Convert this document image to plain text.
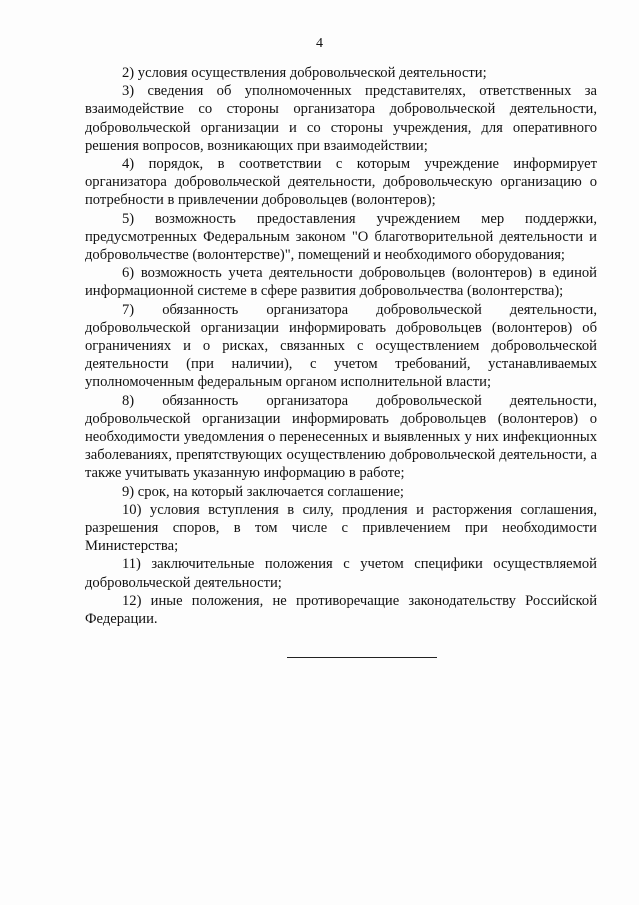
4

2) условия осуществления добровольческой деятельности;

3) сведения об уполномоченных представителях, ответственных за взаимодействие со стороны организатора добровольческой деятельности, добровольческой организации и со стороны учреждения, для оперативного решения вопросов, возникающих при взаимодействии;

4) порядок, в соответствии с которым учреждение информирует организатора добровольческой деятельности, добровольческую организацию о потребности в привлечении добровольцев (волонтеров);

5) возможность предоставления учреждением мер поддержки, предусмотренных Федеральным законом "О благотворительной деятельности и добровольчестве (волонтерстве)", помещений и необходимого оборудования;

6) возможность учета деятельности добровольцев (волонтеров) в единой информационной системе в сфере развития добровольчества (волонтерства);

7) обязанность организатора добровольческой деятельности, добровольческой организации информировать добровольцев (волонтеров) об ограничениях и о рисках, связанных с осуществлением добровольческой деятельности (при наличии), с учетом требований, устанавливаемых уполномоченным федеральным органом исполнительной власти;

8) обязанность организатора добровольческой деятельности, добровольческой организации информировать добровольцев (волонтеров) о необходимости уведомления о перенесенных и выявленных у них инфекционных заболеваниях, препятствующих осуществлению добровольческой деятельности, а также учитывать указанную информацию в работе;

9) срок, на который заключается соглашение;

10) условия вступления в силу, продления и расторжения соглашения, разрешения споров, в том числе с привлечением при необходимости Министерства;

11) заключительные положения с учетом специфики осуществляемой добровольческой деятельности;

12) иные положения, не противоречащие законодательству Российской Федерации.
